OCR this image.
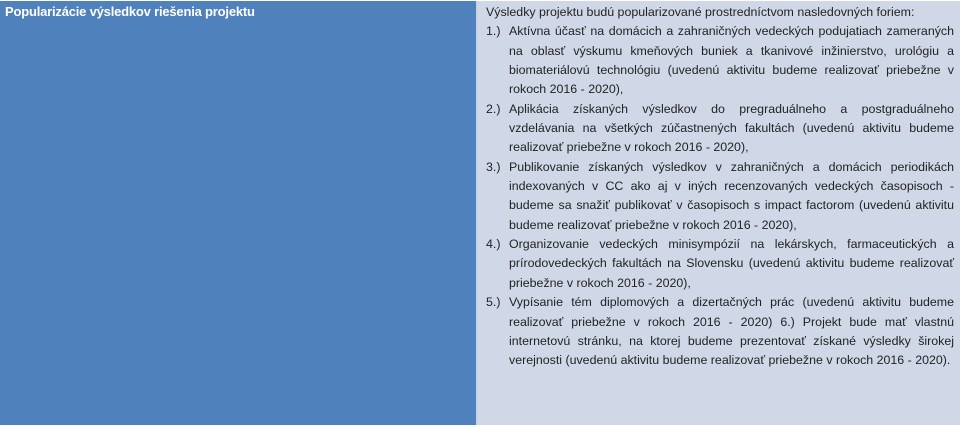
Popularizácie výsledkov riešenia projektu	Výsledky projektu budú popularizované prostredníctvom nasledovných foriem:

1.) Aktívna účasť na domácich a zahraničných vedeckých podujatiach zameraných na oblasť výskumu kmeňových buniek a tkanivové inžinierstvo, urológiu a biomateriálovú technológiu (uvedenú aktivitu budeme realizovať priebežne v rokoch 2016 - 2020),
2.) Aplikácia získaných výsledkov do pregraduálneho a postgraduálneho vzdelávania na všetkých zúčastnených fakultách (uvedenú aktivitu budeme realizovať priebežne v rokoch 2016 - 2020),
3.) Publikovanie získaných výsledkov v zahraničných a domácich periodikách indexovaných v CC ako aj v iných recenzovaných vedeckých časopisoch - budeme sa snažiť publikovať v časopisoch s impact factorom (uvedenú aktivitu budeme realizovať priebežne v rokoch 2016 - 2020),
4.) Organizovanie vedeckých minisympózií na lekárskych, farmaceutických a prírodovedeckých fakultách na Slovensku (uvedenú aktivitu budeme realizovať priebežne v rokoch 2016 - 2020),
5.) Vypísanie tém diplomových a dizertačných prác (uvedenú aktivitu budeme realizovať priebežne v rokoch 2016 - 2020) 6.) Projekt bude mať vlastnú internetovú stránku, na ktorej budeme prezentovať získané výsledky širokej verejnosti (uvedenú aktivitu budeme realizovať priebežne v rokoch 2016 - 2020).
